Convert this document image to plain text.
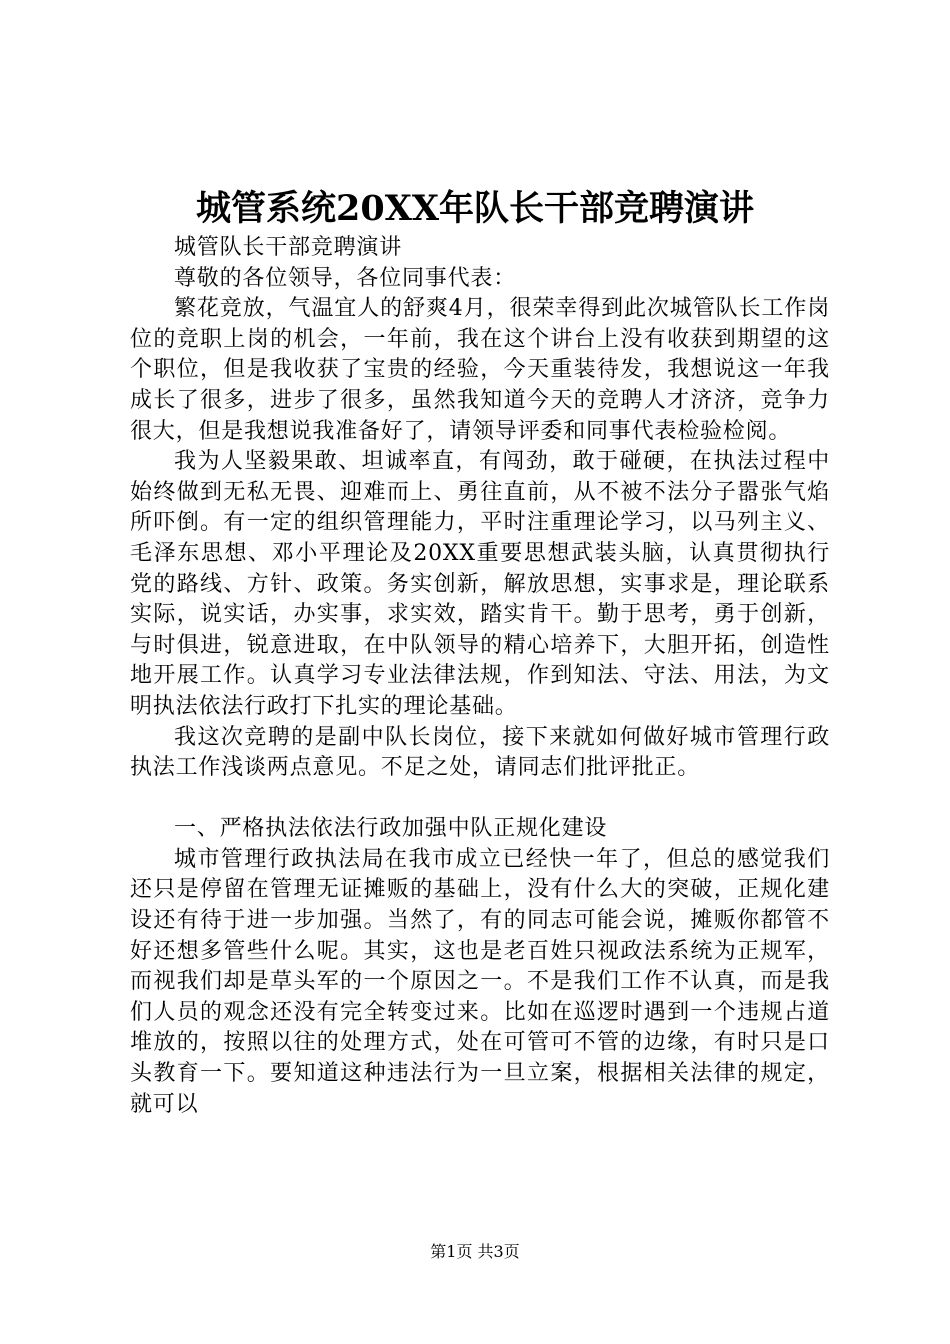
城管系统20XX年队长干部竞聘演讲

城管队长干部竞聘演讲

尊敬的各位领导，各位同事代表：

繁花竞放，气温宜人的舒爽4月，很荣幸得到此次城管队长工作岗位的竞职上岗的机会，一年前，我在这个讲台上没有收获到期望的这个职位，但是我收获了宝贵的经验，今天重装待发，我想说这一年我成长了很多，进步了很多，虽然我知道今天的竞聘人才济济，竞争力很大，但是我想说我准备好了，请领导评委和同事代表检验检阅。

我为人坚毅果敢、坦诚率直，有闯劲，敢于碰硬，在执法过程中始终做到无私无畏、迎难而上、勇往直前，从不被不法分子嚣张气焰所吓倒。有一定的组织管理能力，平时注重理论学习，以马列主义、毛泽东思想、邓小平理论及20XX重要思想武装头脑，认真贯彻执行党的路线、方针、政策。务实创新，解放思想，实事求是，理论联系实际，说实话，办实事，求实效，踏实肯干。勤于思考，勇于创新，与时俱进，锐意进取，在中队领导的精心培养下，大胆开拓，创造性地开展工作。认真学习专业法律法规，作到知法、守法、用法，为文明执法依法行政打下扎实的理论基础。

我这次竞聘的是副中队长岗位，接下来就如何做好城市管理行政执法工作浅谈两点意见。不足之处，请同志们批评批正。

一、严格执法依法行政加强中队正规化建设

城市管理行政执法局在我市成立已经快一年了，但总的感觉我们还只是停留在管理无证摊贩的基础上，没有什么大的突破，正规化建设还有待于进一步加强。当然了，有的同志可能会说，摊贩你都管不好还想多管些什么呢。其实，这也是老百姓只视政法系统为正规军，而视我们却是草头军的一个原因之一。不是我们工作不认真，而是我们人员的观念还没有完全转变过来。比如在巡逻时遇到一个违规占道堆放的，按照以往的处理方式，处在可管可不管的边缘，有时只是口头教育一下。要知道这种违法行为一旦立案，根据相关法律的规定，就可以

第1页 共3页
